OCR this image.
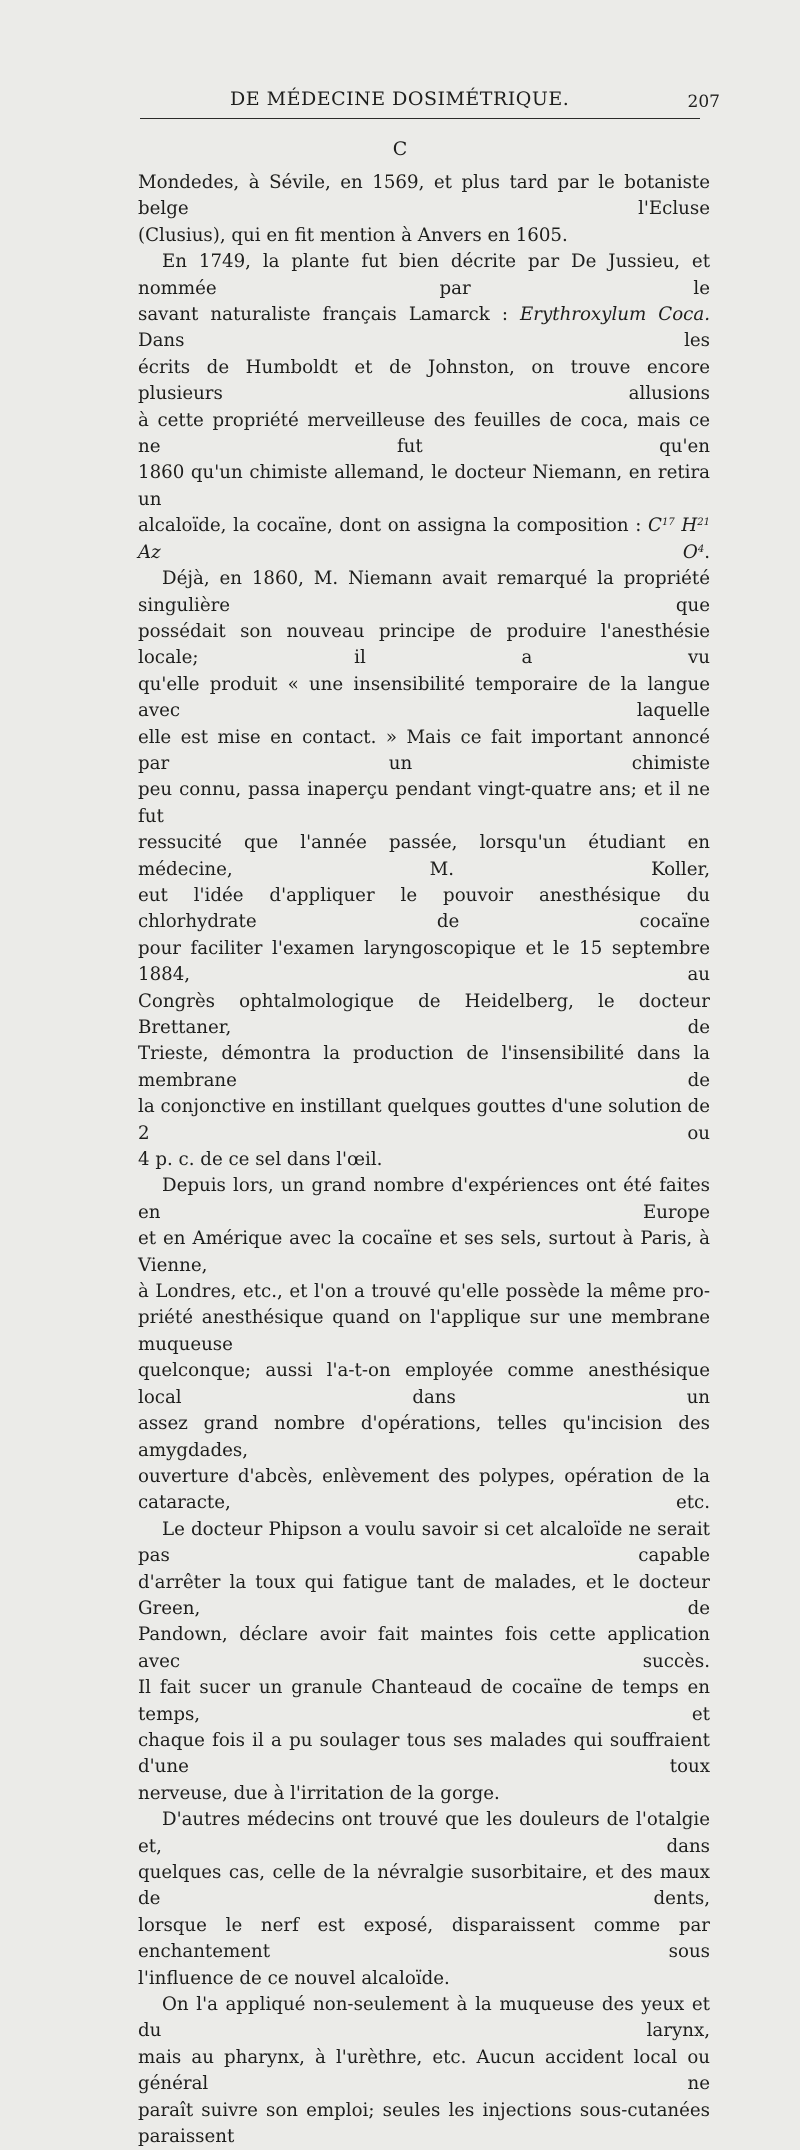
DE MÉDECINE DOSIMÉTRIQUE.	207
C

Mondedes, à Sévile, en 1569, et plus tard par le botaniste belge l'Ecluse

(Clusius), qui en fit mention à Anvers en 1605.

En 1749, la plante fut bien décrite par De Jussieu, et nommée par le

savant naturaliste français Lamarck : Erythroxylum Coca. Dans les

écrits de Humboldt et de Johnston, on trouve encore plusieurs allusions

à cette propriété merveilleuse des feuilles de coca, mais ce ne fut qu'en

1860 qu'un chimiste allemand, le docteur Niemann, en retira un

alcaloïde, la cocaïne, dont on assigna la composition : $C^{17}$ $H^{21}$ Az $O^4$.

Déjà, en 1860, M. Niemann avait remarqué la propriété singulière que

possédait son nouveau principe de produire l'anesthésie locale; il a vu

qu'elle produit « une insensibilité temporaire de la langue avec laquelle

elle est mise en contact. » Mais ce fait important annoncé par un chimiste

peu connu, passa inaperçu pendant vingt-quatre ans; et il ne fut

ressucité que l'année passée, lorsqu'un étudiant en médecine, M. Koller,

eut l'idée d'appliquer le pouvoir anesthésique du chlorhydrate de cocaïne

pour faciliter l'examen laryngoscopique et le 15 septembre 1884, au

Congrès ophtalmologique de Heidelberg, le docteur Brettaner, de

Trieste, démontra la production de l'insensibilité dans la membrane de

la conjonctive en instillant quelques gouttes d'une solution de 2 ou

4 p. c. de ce sel dans l'œil.

Depuis lors, un grand nombre d'expériences ont été faites en Europe

et en Amérique avec la cocaïne et ses sels, surtout à Paris, à Vienne,

à Londres, etc., et l'on a trouvé qu'elle possède la même pro-

priété anesthésique quand on l'applique sur une membrane muqueuse

quelconque; aussi l'a-t-on employée comme anesthésique local dans un

assez grand nombre d'opérations, telles qu'incision des amygdades,

ouverture d'abcès, enlèvement des polypes, opération de la cataracte, etc.

Le docteur Phipson a voulu savoir si cet alcaloïde ne serait pas capable

d'arrêter la toux qui fatigue tant de malades, et le docteur Green, de

Pandown, déclare avoir fait maintes fois cette application avec succès.

Il fait sucer un granule Chanteaud de cocaïne de temps en temps, et

chaque fois il a pu soulager tous ses malades qui souffraient d'une toux

nerveuse, due à l'irritation de la gorge.

D'autres médecins ont trouvé que les douleurs de l'otalgie et, dans

quelques cas, celle de la névralgie susorbitaire, et des maux de dents,

lorsque le nerf est exposé, disparaissent comme par enchantement sous

l'influence de ce nouvel alcaloïde.

On l'a appliqué non-seulement à la muqueuse des yeux et du larynx,

mais au pharynx, à l'urèthre, etc. Aucun accident local ou général ne

paraît suivre son emploi; seules les injections sous-cutanées paraissent
